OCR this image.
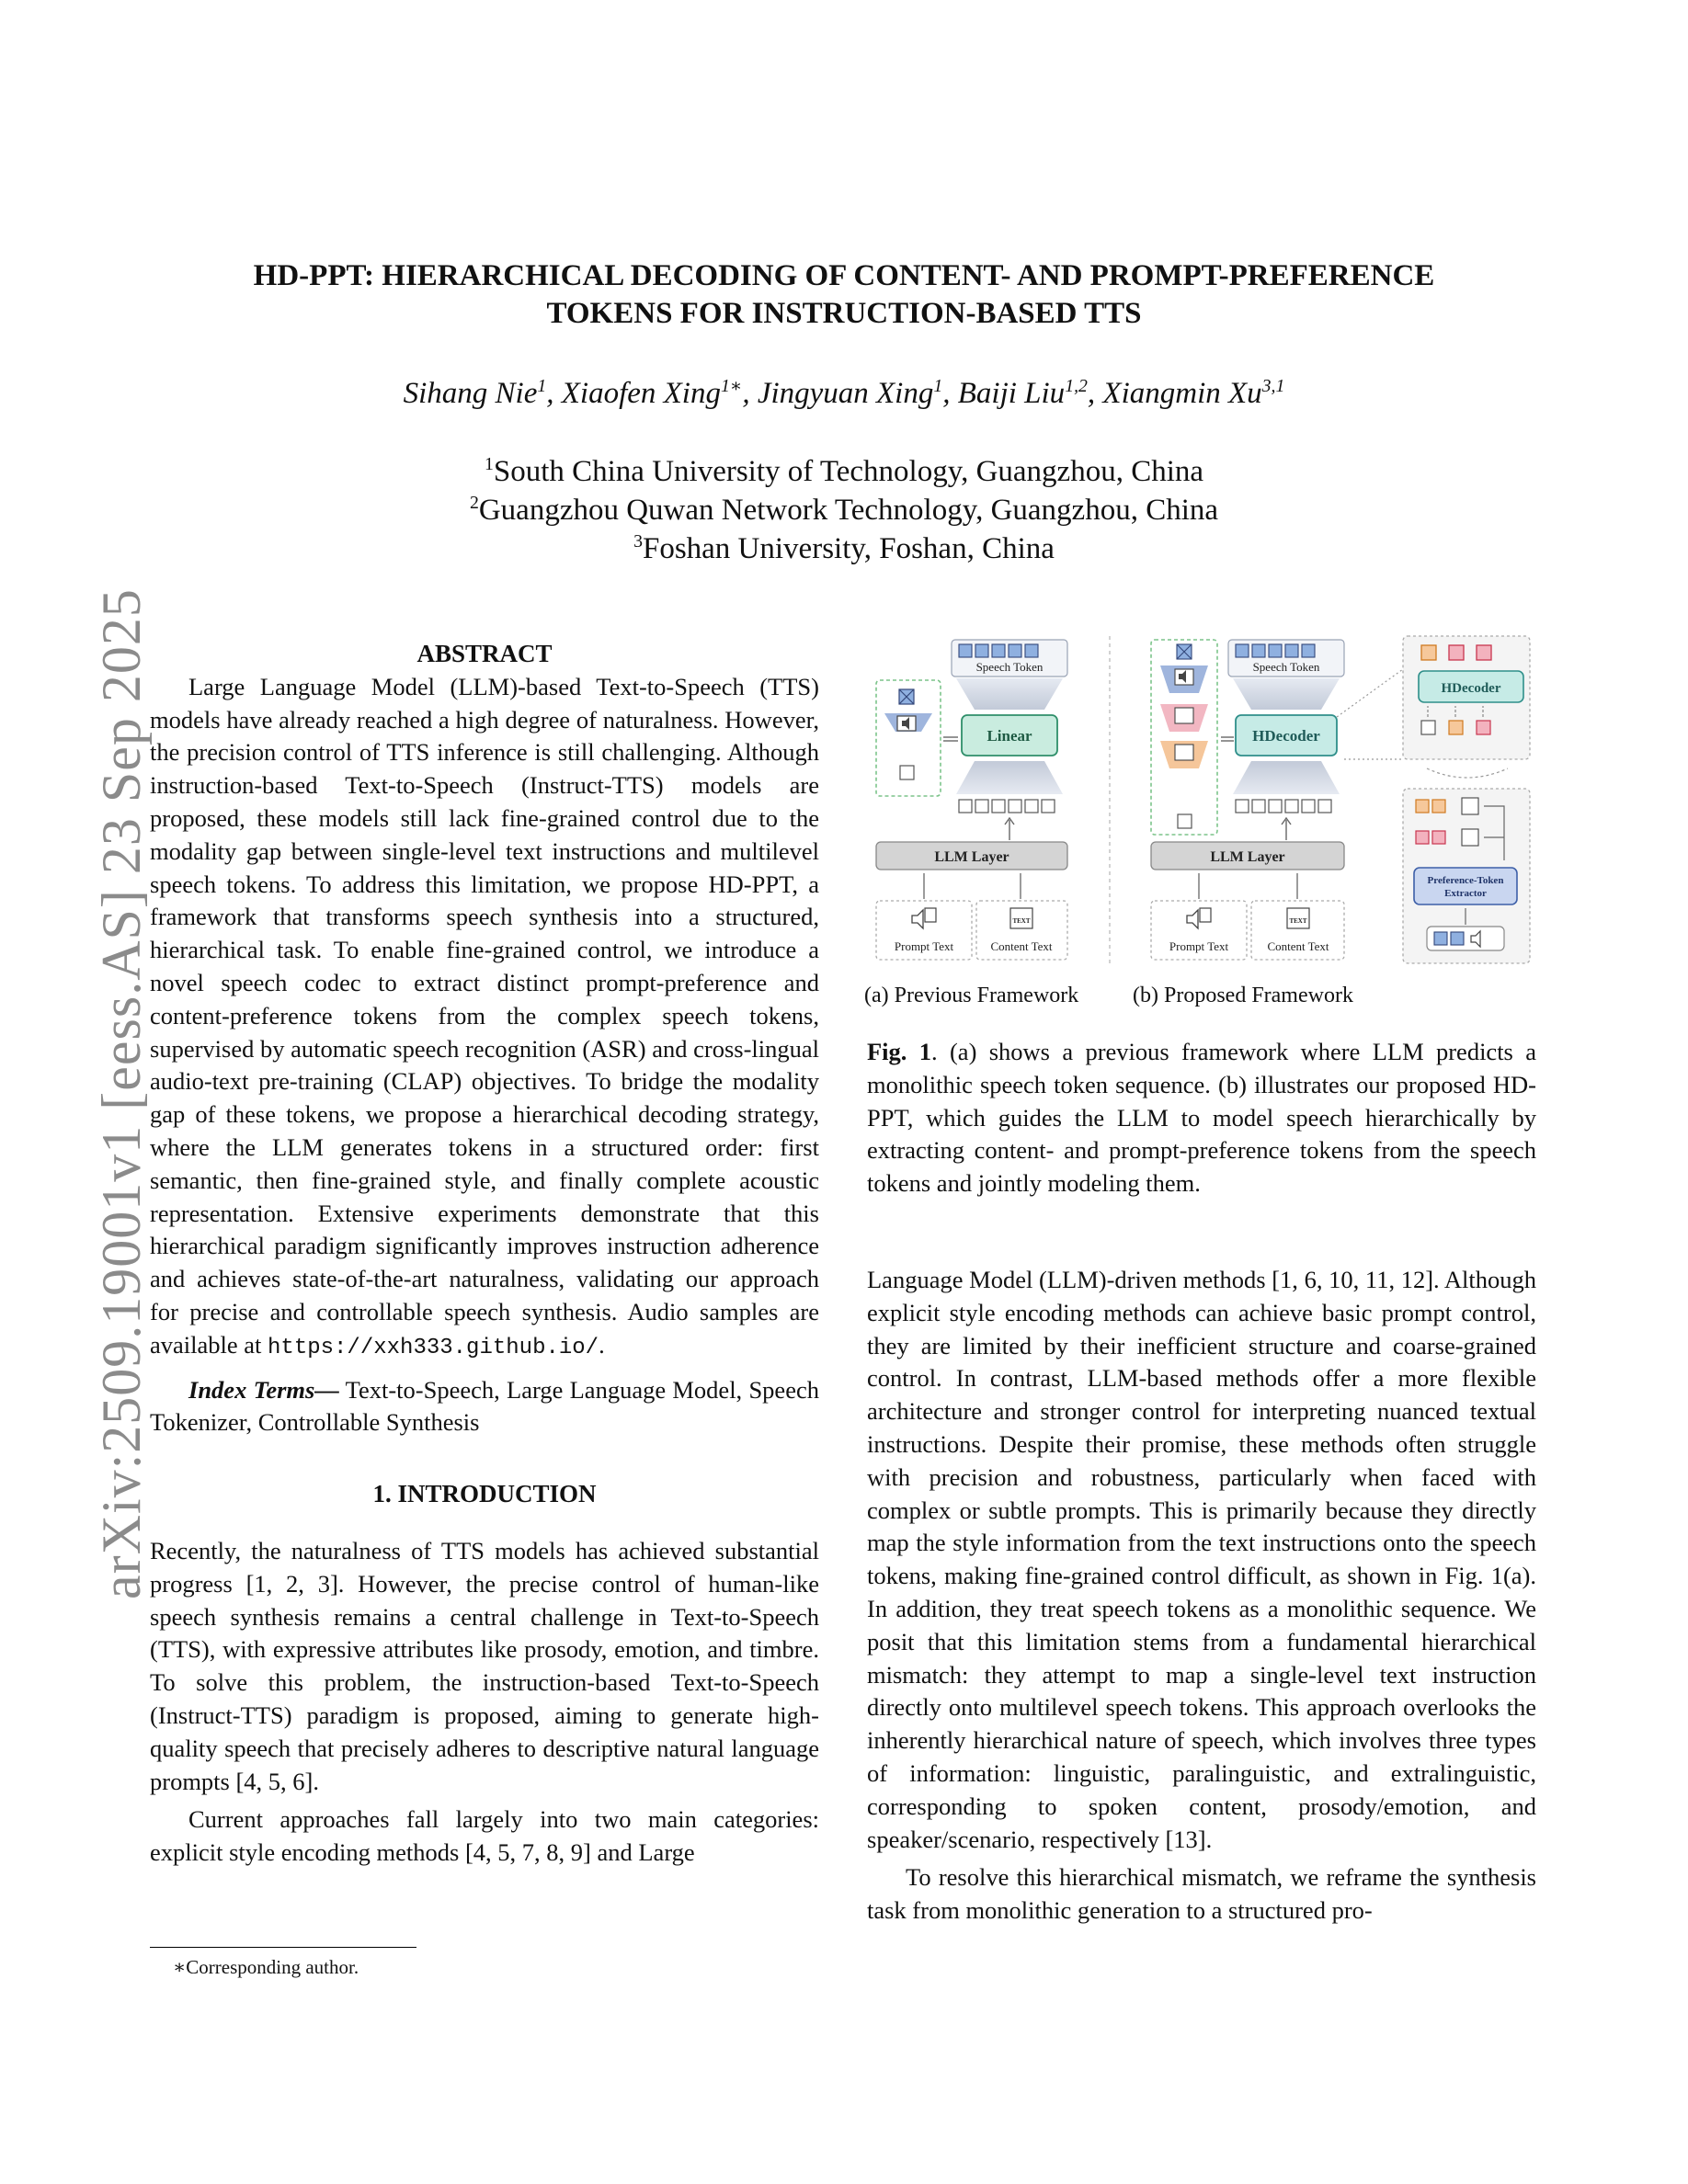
arXiv:2509.19001v1 [eess.AS] 23 Sep 2025
HD-PPT: HIERARCHICAL DECODING OF CONTENT- AND PROMPT-PREFERENCE
TOKENS FOR INSTRUCTION-BASED TTS
Sihang Nie$^1$, Xiaofen Xing$^{1∗}$, Jingyuan Xing$^1$, Baiji Liu$^{1,2}$, Xiangmin Xu$^{3,1}$
$^1$South China University of Technology, Guangzhou, China
$^2$Guangzhou Quwan Network Technology, Guangzhou, China
$^3$Foshan University, Foshan, China
ABSTRACT

Large Language Model (LLM)-based Text-to-Speech (TTS) models have already reached a high degree of naturalness. However, the precision control of TTS inference is still challenging. Although instruction-based Text-to-Speech (Instruct-TTS) models are proposed, these models still lack fine-grained control due to the modality gap between single-level text instructions and multilevel speech tokens. To address this limitation, we propose HD-PPT, a framework that transforms speech synthesis into a structured, hierarchical task. To enable fine-grained control, we introduce a novel speech codec to extract distinct prompt-preference and content-preference tokens from the complex speech tokens, supervised by automatic speech recognition (ASR) and cross-lingual audio-text pre-training (CLAP) objectives. To bridge the modality gap of these tokens, we propose a hierarchical decoding strategy, where the LLM generates tokens in a structured order: first semantic, then fine-grained style, and finally complete acoustic representation. Extensive experiments demonstrate that this hierarchical paradigm significantly improves instruction adherence and achieves state-of-the-art naturalness, validating our approach for precise and controllable speech synthesis. Audio samples are available at https://xxh333.github.io/.

Index Terms— Text-to-Speech, Large Language Model, Speech Tokenizer, Controllable Synthesis

1. INTRODUCTION

Recently, the naturalness of TTS models has achieved substantial progress [1, 2, 3]. However, the precise control of human-like speech synthesis remains a central challenge in Text-to-Speech (TTS), with expressive attributes like prosody, emotion, and timbre. To solve this problem, the instruction-based Text-to-Speech (Instruct-TTS) paradigm is proposed, aiming to generate high-quality speech that precisely adheres to descriptive natural language prompts [4, 5, 6].

Current approaches fall largely into two main categories: explicit style encoding methods [4, 5, 7, 8, 9] and Large

∗Corresponding author.
Speech Token
Linear
LLM Layer
Prompt Text
TEXT
Content Text
Speech Token
HDecoder
LLM Layer
Prompt Text
TEXT
Content Text
HDecoder
Preference-Token
Extractor
(a) Previous Framework (b) Proposed Framework
Fig. 1. (a) shows a previous framework where LLM predicts a monolithic speech token sequence. (b) illustrates our proposed HD-PPT, which guides the LLM to model speech hierarchically by extracting content- and prompt-preference tokens from the speech tokens and jointly modeling them.

Language Model (LLM)-driven methods [1, 6, 10, 11, 12]. Although explicit style encoding methods can achieve basic prompt control, they are limited by their inefficient structure and coarse-grained control. In contrast, LLM-based methods offer a more flexible architecture and stronger control for interpreting nuanced textual instructions. Despite their promise, these methods often struggle with precision and robustness, particularly when faced with complex or subtle prompts. This is primarily because they directly map the style information from the text instructions onto the speech tokens, making fine-grained control difficult, as shown in Fig. 1(a). In addition, they treat speech tokens as a monolithic sequence. We posit that this limitation stems from a fundamental hierarchical mismatch: they attempt to map a single-level text instruction directly onto multilevel speech tokens. This approach overlooks the inherently hierarchical nature of speech, which involves three types of information: linguistic, paralinguistic, and extralinguistic, corresponding to spoken content, prosody/emotion, and speaker/scenario, respectively [13].

To resolve this hierarchical mismatch, we reframe the synthesis task from monolithic generation to a structured pro-
